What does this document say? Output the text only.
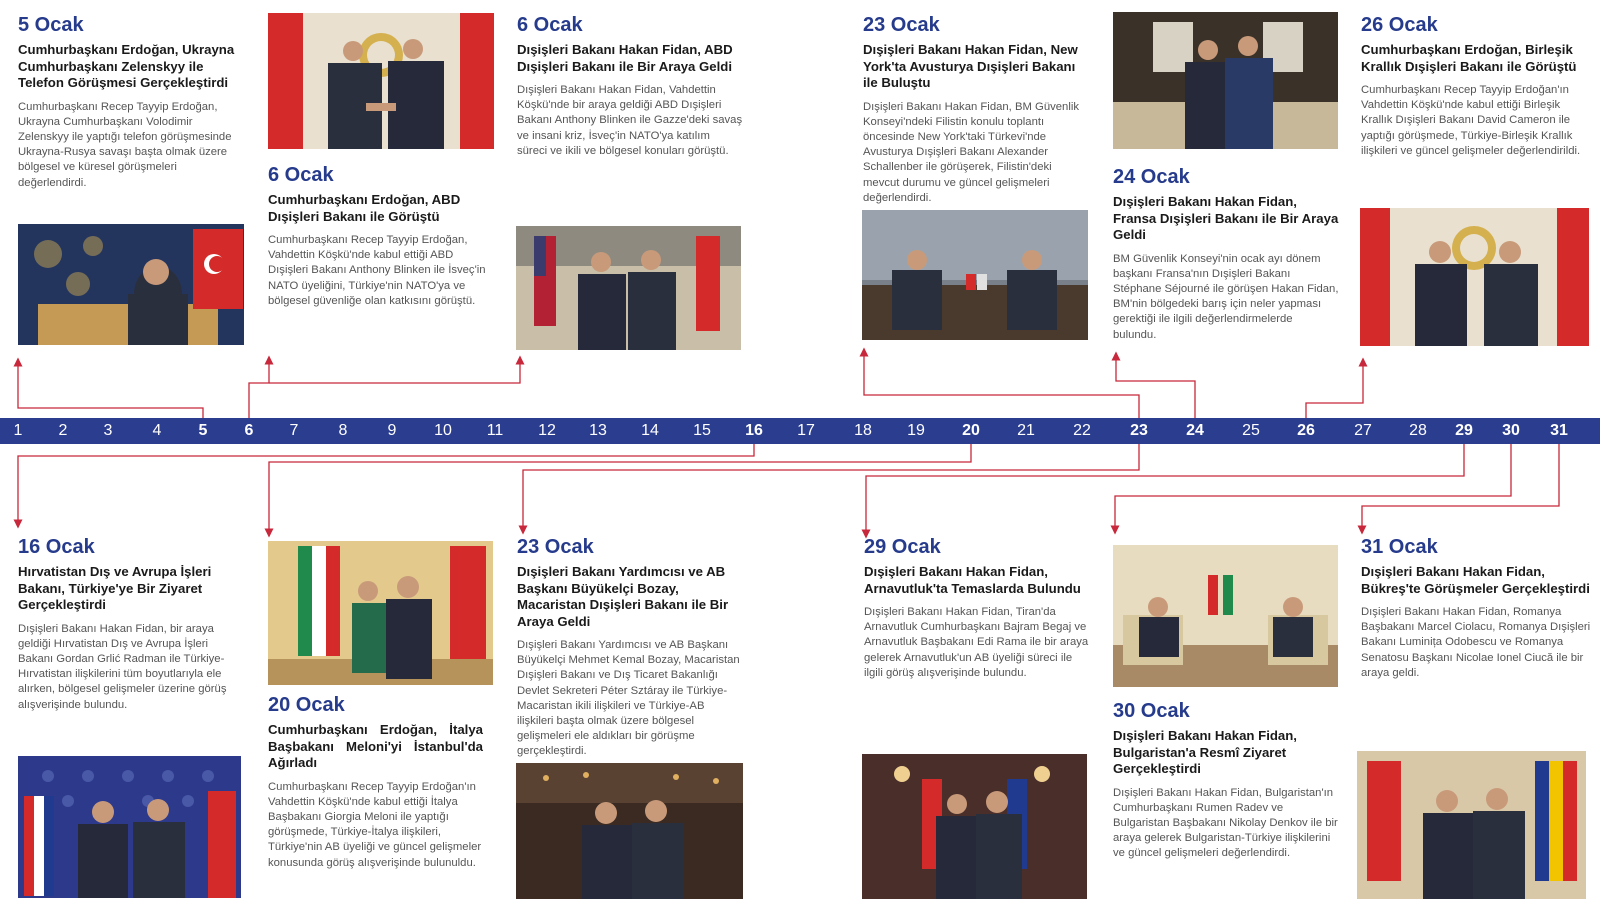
1	2	3	4	5	6	7	8	9	10	11	12	13	14	15	16	17	18	19	20	21	22	23	24	25	26	27	28	29	30	31
5 Ocak
Cumhurbaşkanı Erdoğan, Ukrayna Cumhurbaşkanı Zelenskyy ile Telefon Görüşmesi Gerçekleştirdi
Cumhurbaşkanı Recep Tayyip Erdoğan, Ukrayna Cumhurbaşkanı Volodimir Zelenskyy ile yaptığı telefon görüşmesinde Ukrayna-Rusya savaşı başta olmak üzere bölgesel ve küresel görüşmeleri değerlendirdi.	6 Ocak
Cumhurbaşkanı Erdoğan, ABD Dışişleri Bakanı ile Görüştü
Cumhurbaşkanı Recep Tayyip Erdoğan, Vahdettin Köşkü'nde kabul ettiği ABD Dışişleri Bakanı Anthony Blinken ile İsveç'in NATO üyeliğini, Türkiye'nin NATO'ya ve bölgesel güvenliğe olan katkısını görüştü.
6 Ocak
Dışişleri Bakanı Hakan Fidan, ABD Dışişleri Bakanı ile Bir Araya Geldi
Dışişleri Bakanı Hakan Fidan, Vahdettin Köşkü'nde bir araya geldiği ABD Dışişleri Bakanı Anthony Blinken ile Gazze'deki savaş ve insani kriz, İsveç'in NATO'ya katılım süreci ve ikili ve bölgesel konuları görüştü.
23 Ocak
Dışişleri Bakanı Hakan Fidan, New York'ta Avusturya Dışişleri Bakanı ile Buluştu
Dışişleri Bakanı Hakan Fidan, BM Güvenlik Konseyi'ndeki Filistin konulu toplantı öncesinde New York'taki Türkevi'nde Avusturya Dışişleri Bakanı Alexander Schallenber ile görüşerek, Filistin'deki mevcut durumu ve güncel gelişmeleri değerlendirdi.
24 Ocak
Dışişleri Bakanı Hakan Fidan, Fransa Dışişleri Bakanı ile Bir Araya Geldi
BM Güvenlik Konseyi'nin ocak ayı dönem başkanı Fransa'nın Dışişleri Bakanı Stéphane Séjourné ile görüşen Hakan Fidan, BM'nin bölgedeki barış için neler yapması gerektiği ile ilgili değerlendirmelerde bulundu.
26 Ocak
Cumhurbaşkanı Erdoğan, Birleşik Krallık Dışişleri Bakanı ile Görüştü
Cumhurbaşkanı Recep Tayyip Erdoğan'ın Vahdettin Köşkü'nde kabul ettiği Birleşik Krallık Dışişleri Bakanı David Cameron ile yaptığı görüşmede, Türkiye-Birleşik Krallık ilişkileri ve güncel gelişmeler değerlendirildi.
16 Ocak
Hırvatistan Dış ve Avrupa İşleri Bakanı, Türkiye'ye Bir Ziyaret Gerçekleştirdi
Dışişleri Bakanı Hakan Fidan, bir araya geldiği Hırvatistan Dış ve Avrupa İşleri Bakanı Gordan Grlić Radman ile Türkiye-Hırvatistan ilişkilerini tüm boyutlarıyla ele alırken, bölgesel gelişmeler üzerine görüş alışverişinde bulundu.	20 Ocak
Cumhurbaşkanı Erdoğan, İtalya Başbakanı Meloni'yi İstanbul'da Ağırladı
Cumhurbaşkanı Recep Tayyip Erdoğan'ın Vahdettin Köşkü'nde kabul ettiği İtalya Başbakanı Giorgia Meloni ile yaptığı görüşmede, Türkiye-İtalya ilişkileri, Türkiye'nin AB üyeliği ve güncel gelişmeler konusunda görüş alışverişinde bulunuldu.
23 Ocak
Dışişleri Bakanı Yardımcısı ve AB Başkanı Büyükelçi Bozay, Macaristan Dışişleri Bakanı ile Bir Araya Geldi
Dışişleri Bakanı Yardımcısı ve AB Başkanı Büyükelçi Mehmet Kemal Bozay, Macaristan Dışişleri Bakanı ve Dış Ticaret Bakanlığı Devlet Sekreteri Péter Sztáray ile Türkiye-Macaristan ikili ilişkileri ve Türkiye-AB ilişkileri başta olmak üzere bölgesel gelişmeleri ele aldıkları bir görüşme gerçekleştirdi.
29 Ocak
Dışişleri Bakanı Hakan Fidan, Arnavutluk'ta Temaslarda Bulundu
Dışişleri Bakanı Hakan Fidan, Tiran'da Arnavutluk Cumhurbaşkanı Bajram Begaj ve Arnavutluk Başbakanı Edi Rama ile bir araya gelerek Arnavutluk'un AB üyeliği süreci ile ilgili görüş alışverişinde bulundu.
30 Ocak
Dışişleri Bakanı Hakan Fidan, Bulgaristan'a Resmî Ziyaret Gerçekleştirdi
Dışişleri Bakanı Hakan Fidan, Bulgaristan'ın Cumhurbaşkanı Rumen Radev ve Bulgaristan Başbakanı Nikolay Denkov ile bir araya gelerek Bulgaristan-Türkiye ilişkilerini ve güncel gelişmeleri değerlendirdi.
31 Ocak
Dışişleri Bakanı Hakan Fidan, Bükreş'te Görüşmeler Gerçekleştirdi
Dışişleri Bakanı Hakan Fidan, Romanya Başbakanı Marcel Ciolacu, Romanya Dışişleri Bakanı Luminița Odobescu ve Romanya Senatosu Başkanı Nicolae Ionel Ciucă ile bir araya geldi.
